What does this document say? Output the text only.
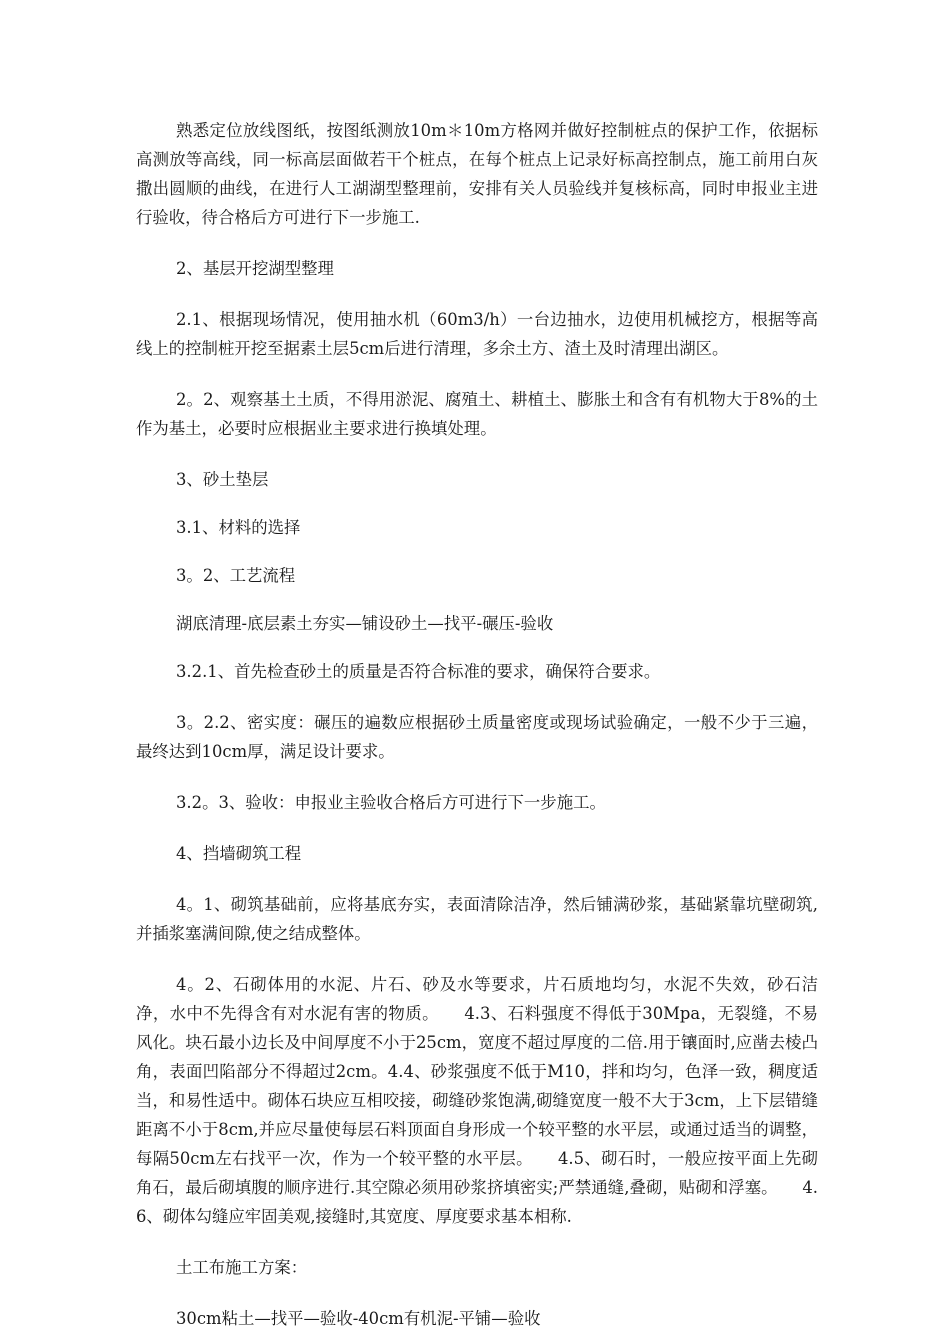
熟悉定位放线图纸，按图纸测放10m＊10m方格网并做好控制桩点的保护工作，依据标高测放等高线，同一标高层面做若干个桩点，在每个桩点上记录好标高控制点，施工前用白灰撒出圆顺的曲线，在进行人工湖湖型整理前，安排有关人员验线并复核标高，同时申报业主进行验收，待合格后方可进行下一步施工.

2、基层开挖湖型整理

2.1、根据现场情况，使用抽水机（60m3/h）一台边抽水，边使用机械挖方，根据等高线上的控制桩开挖至据素土层5cm后进行清理，多余土方、渣土及时清理出湖区。

2。2、观察基土土质，不得用淤泥、腐殖土、耕植土、膨胀土和含有有机物大于8%的土作为基土，必要时应根据业主要求进行换填处理。

3、砂土垫层

3.1、材料的选择

3。2、工艺流程

湖底清理-底层素土夯实—铺设砂土—找平-碾压-验收

3.2.1、首先检查砂土的质量是否符合标准的要求，确保符合要求。

3。2.2、密实度：碾压的遍数应根据砂土质量密度或现场试验确定，一般不少于三遍，最终达到10cm厚，满足设计要求。

3.2。3、验收：申报业主验收合格后方可进行下一步施工。

4、挡墙砌筑工程

4。1、砌筑基础前，应将基底夯实，表面清除洁净，然后铺满砂浆，基础紧靠坑壁砌筑,并插浆塞满间隙,使之结成整体。

4。2、石砌体用的水泥、片石、砂及水等要求，片石质地均匀，水泥不失效，砂石洁净，水中不先得含有对水泥有害的物质。　　4.3、石料强度不得低于30Mpa，无裂缝，不易风化。块石最小边长及中间厚度不小于25cm，宽度不超过厚度的二倍.用于镶面时,应凿去棱凸角，表面凹陷部分不得超过2cm。4.4、砂浆强度不低于M10，拌和均匀，色泽一致，稠度适当，和易性适中。砌体石块应互相咬接，砌缝砂浆饱满,砌缝宽度一般不大于3cm，上下层错缝距离不小于8cm,并应尽量使每层石料顶面自身形成一个较平整的水平层，或通过适当的调整，每隔50cm左右找平一次，作为一个较平整的水平层。　　4.5、砌石时，一般应按平面上先砌角石，最后砌填腹的顺序进行.其空隙必须用砂浆挤填密实;严禁通缝,叠砌，贴砌和浮塞。　　4.6、砌体勾缝应牢固美观,接缝时,其宽度、厚度要求基本相称.

土工布施工方案：

30cm粘土—找平—验收-40cm有机泥-平铺—验收
